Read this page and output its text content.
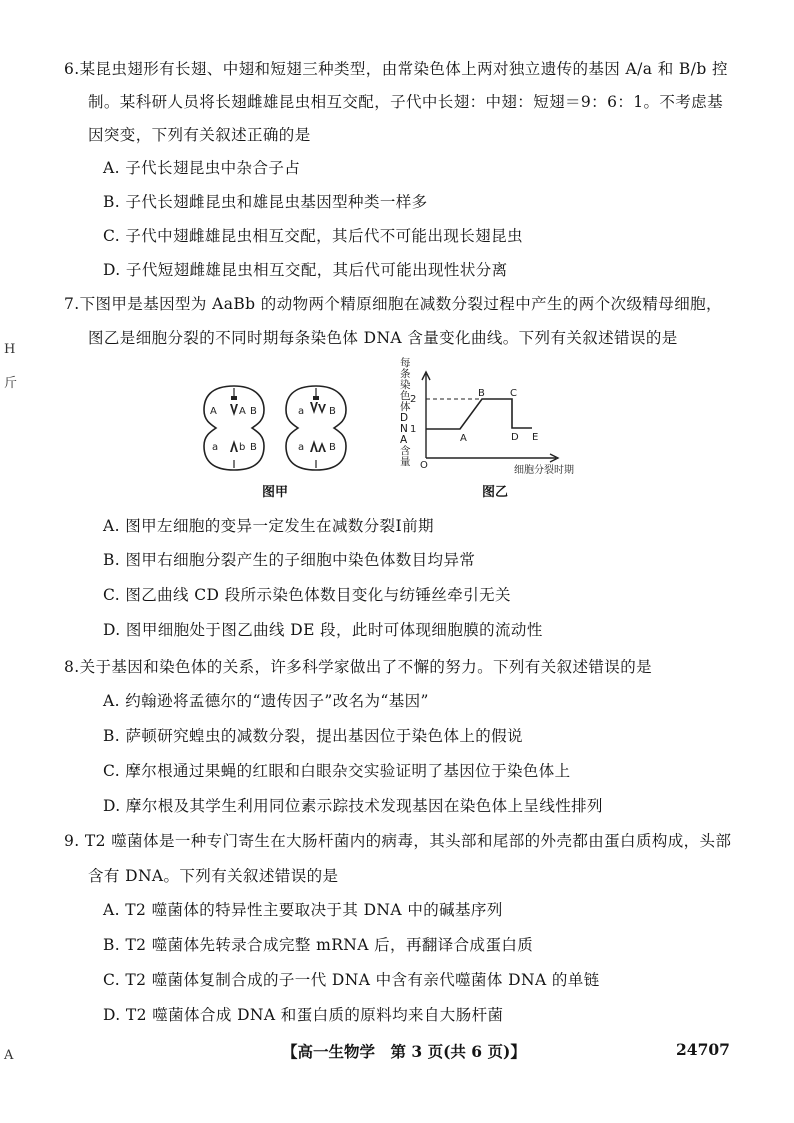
H
斤
A
6.某昆虫翅形有长翅、中翅和短翅三种类型，由常染色体上两对独立遗传的基因 A/a 和 B/b 控
制。某科研人员将长翅雌雄昆虫相互交配，子代中长翅：中翅：短翅＝9：6：1。不考虑基
因突变，下列有关叙述正确的是
A. 子代长翅昆虫中杂合子占
B. 子代长翅雌昆虫和雄昆虫基因型种类一样多
C. 子代中翅雌雄昆虫相互交配，其后代不可能出现长翅昆虫
D. 子代短翅雌雄昆虫相互交配，其后代可能出现性状分离
7.下图甲是基因型为 AaBb 的动物两个精原细胞在减数分裂过程中产生的两个次级精母细胞，
图乙是细胞分裂的不同时期每条染色体 DNA 含量变化曲线。下列有关叙述错误的是
A A B
a b B
a B
a B
图甲
1
2
O
A
B	C
D E
细胞分裂时期
每条染色体DNA含量
图乙
A. 图甲左细胞的变异一定发生在减数分裂Ⅰ前期
B. 图甲右细胞分裂产生的子细胞中染色体数目均异常
C. 图乙曲线 CD 段所示染色体数目变化与纺锤丝牵引无关
D. 图甲细胞处于图乙曲线 DE 段，此时可体现细胞膜的流动性
8.关于基因和染色体的关系，许多科学家做出了不懈的努力。下列有关叙述错误的是
A. 约翰逊将孟德尔的“遗传因子”改名为“基因”
B. 萨顿研究蝗虫的减数分裂，提出基因位于染色体上的假说
C. 摩尔根通过果蝇的红眼和白眼杂交实验证明了基因位于染色体上
D. 摩尔根及其学生利用同位素示踪技术发现基因在染色体上呈线性排列
9. T2 噬菌体是一种专门寄生在大肠杆菌内的病毒，其头部和尾部的外壳都由蛋白质构成，头部
含有 DNA。下列有关叙述错误的是
A. T2 噬菌体的特异性主要取决于其 DNA 中的碱基序列
B. T2 噬菌体先转录合成完整 mRNA 后，再翻译合成蛋白质
C. T2 噬菌体复制合成的子一代 DNA 中含有亲代噬菌体 DNA 的单链
D. T2 噬菌体合成 DNA 和蛋白质的原料均来自大肠杆菌
【高一生物学　第 3 页(共 6 页)】	24707
